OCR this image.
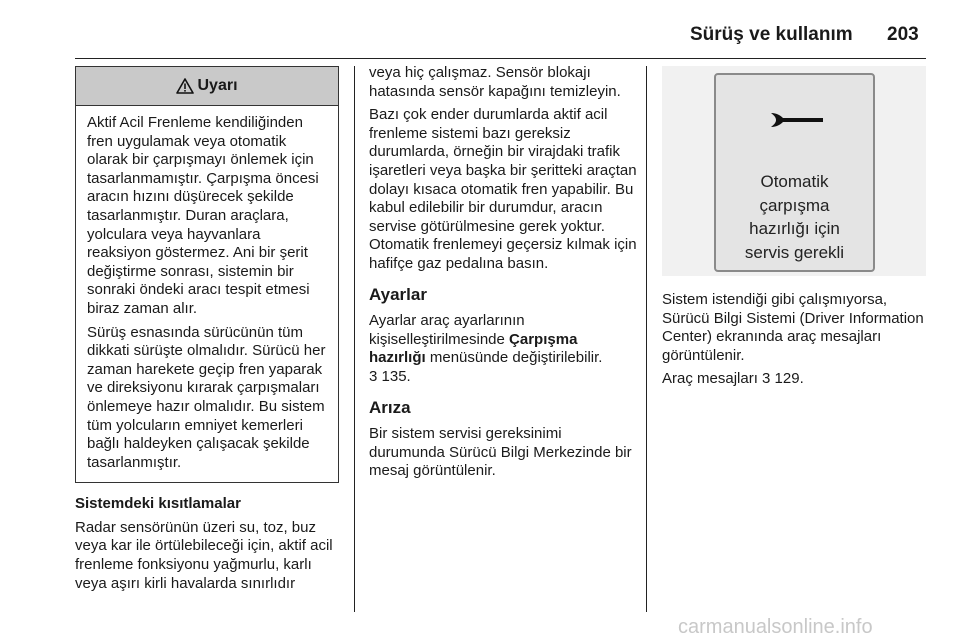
Sürüş ve kullanım 203
Uyarı

Aktif Acil Frenleme kendiliğinden fren uygulamak veya otomatik olarak bir çarpışmayı önlemek için tasarlanmamıştır. Çarpışma öncesi aracın hızını düşürecek şekilde tasarlanmıştır. Duran araçlara, yolculara veya hayvanlara reaksiyon göstermez. Ani bir şerit değiştirme sonrası, sistemin bir sonraki öndeki aracı tespit etmesi biraz zaman alır.

Sürüş esnasında sürücünün tüm dikkati sürüşte olmalıdır. Sürücü her zaman harekete geçip fren yaparak ve direksiyonu kırarak çarpışmaları önlemeye hazır olmalıdır. Bu sistem tüm yolcuların emniyet kemerleri bağlı haldeyken çalışacak şekilde tasarlanmıştır.

Sistemdeki kısıtlamalar

Radar sensörünün üzeri su, toz, buz veya kar ile örtülebileceği için, aktif acil frenleme fonksiyonu yağmurlu, karlı veya aşırı kirli havalarda sınırlıdır

veya hiç çalışmaz. Sensör blokajı hatasında sensör kapağını temizleyin.

Bazı çok ender durumlarda aktif acil frenleme sistemi bazı gereksiz durumlarda, örneğin bir virajdaki trafik işaretleri veya başka bir şeritteki araçtan dolayı kısaca otomatik fren yapabilir. Bu kabul edilebilir bir durumdur, aracın servise götürülmesine gerek yoktur. Otomatik frenlemeyi geçersiz kılmak için hafifçe gaz pedalına basın.

Ayarlar

Ayarlar araç ayarlarının kişiselleştirilmesinde Çarpışma hazırlığı menüsünde değiştirilebilir.
3 135.

Arıza

Bir sistem servisi gereksinimi durumunda Sürücü Bilgi Merkezinde bir mesaj görüntülenir.

Otomatik
çarpışma
hazırlığı için
servis gerekli

Sistem istendiği gibi çalışmıyorsa, Sürücü Bilgi Sistemi (Driver Information Center) ekranında araç mesajları görüntülenir.

Araç mesajları 3 129.

carmanualsonline.info
